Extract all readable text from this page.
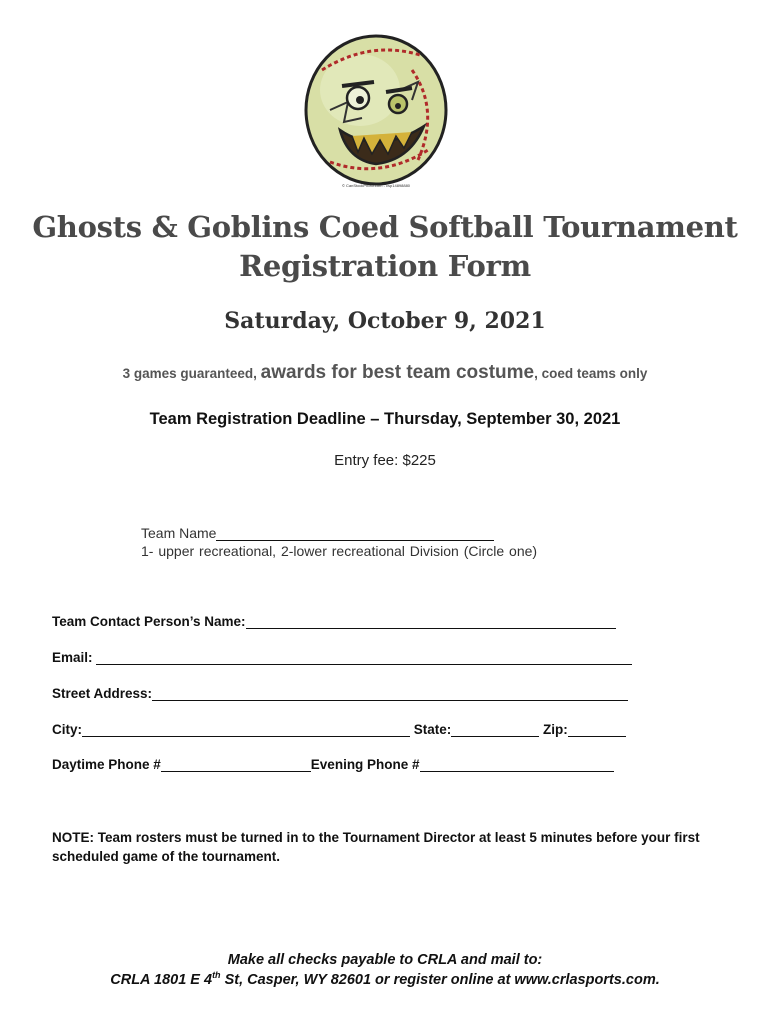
© CanStockPhoto.com - csp14898880
Ghosts & Goblins Coed Softball Tournament
Registration Form
Saturday, October 9, 2021
3 games guaranteed, awards for best team costume, coed teams only
Team Registration Deadline – Thursday, September 30, 2021
Entry fee: $225
Team Name
1- upper recreational, 2-lower recreational Division (Circle one)
Team Contact Person’s Name:
Email:
Street Address:
City:	State:	Zip:
Daytime Phone #	Evening Phone #
NOTE: Team rosters must be turned in to the Tournament Director at least 5 minutes before your first scheduled game of the tournament.
Make all checks payable to CRLA and mail to:
CRLA 1801 E 4th St, Casper, WY 82601 or register online at www.crlasports.com.
